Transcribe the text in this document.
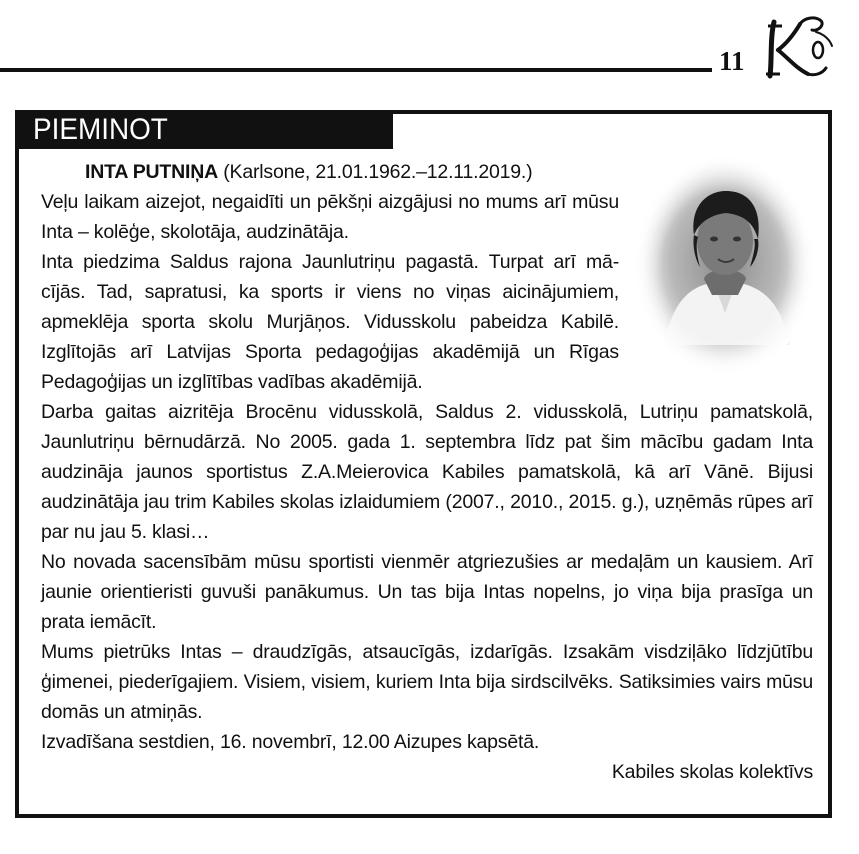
11
PIEMINOT

INTA PUTNIŅA (Karlsone, 21.01.1962.–12.11.2019.)

Veļu laikam aizejot, negaidīti un pēkšņi aizgājusi no mums arī mūsu Inta – kolēģe, skolotāja, audzinātāja.

Inta piedzima Saldus rajona Jaunlutriņu pagastā. Turpat arī mā-cījās. Tad, sapratusi, ka sports ir viens no viņas aicinājumiem, apmeklēja sporta skolu Murjāņos. Vidusskolu pabeidza Kabilē. Izglītojās arī Latvijas Sporta pedagoģijas akadēmijā un Rīgas Pedagoģijas un izglītības vadības akadēmijā.

Darba gaitas aizritēja Brocēnu vidusskolā, Saldus 2. vidusskolā, Lutriņu pamatskolā, Jaunlutriņu bērnudārzā. No 2005. gada 1. septembra līdz pat šim mācību gadam Inta audzināja jaunos sportistus Z.A.Meierovica Kabiles pamatskolā, kā arī Vānē. Bijusi audzinātāja jau trim Kabiles skolas izlaidumiem (2007., 2010., 2015. g.), uzņēmās rūpes arī par nu jau 5. klasi…

No novada sacensībām mūsu sportisti vienmēr atgriezušies ar medaļām un kausiem. Arī jaunie orientieristi guvuši panākumus. Un tas bija Intas nopelns, jo viņa bija prasīga un prata iemācīt.

Mums pietrūks Intas – draudzīgās, atsaucīgās, izdarīgās. Izsakām visdziļāko līdzjūtību ģimenei, piederīgajiem. Visiem, visiem, kuriem Inta bija sirdscilvēks. Satiksimies vairs mūsu domās un atmiņās.

Izvadīšana sestdien, 16. novembrī, 12.00 Aizupes kapsētā.

Kabiles skolas kolektīvs
